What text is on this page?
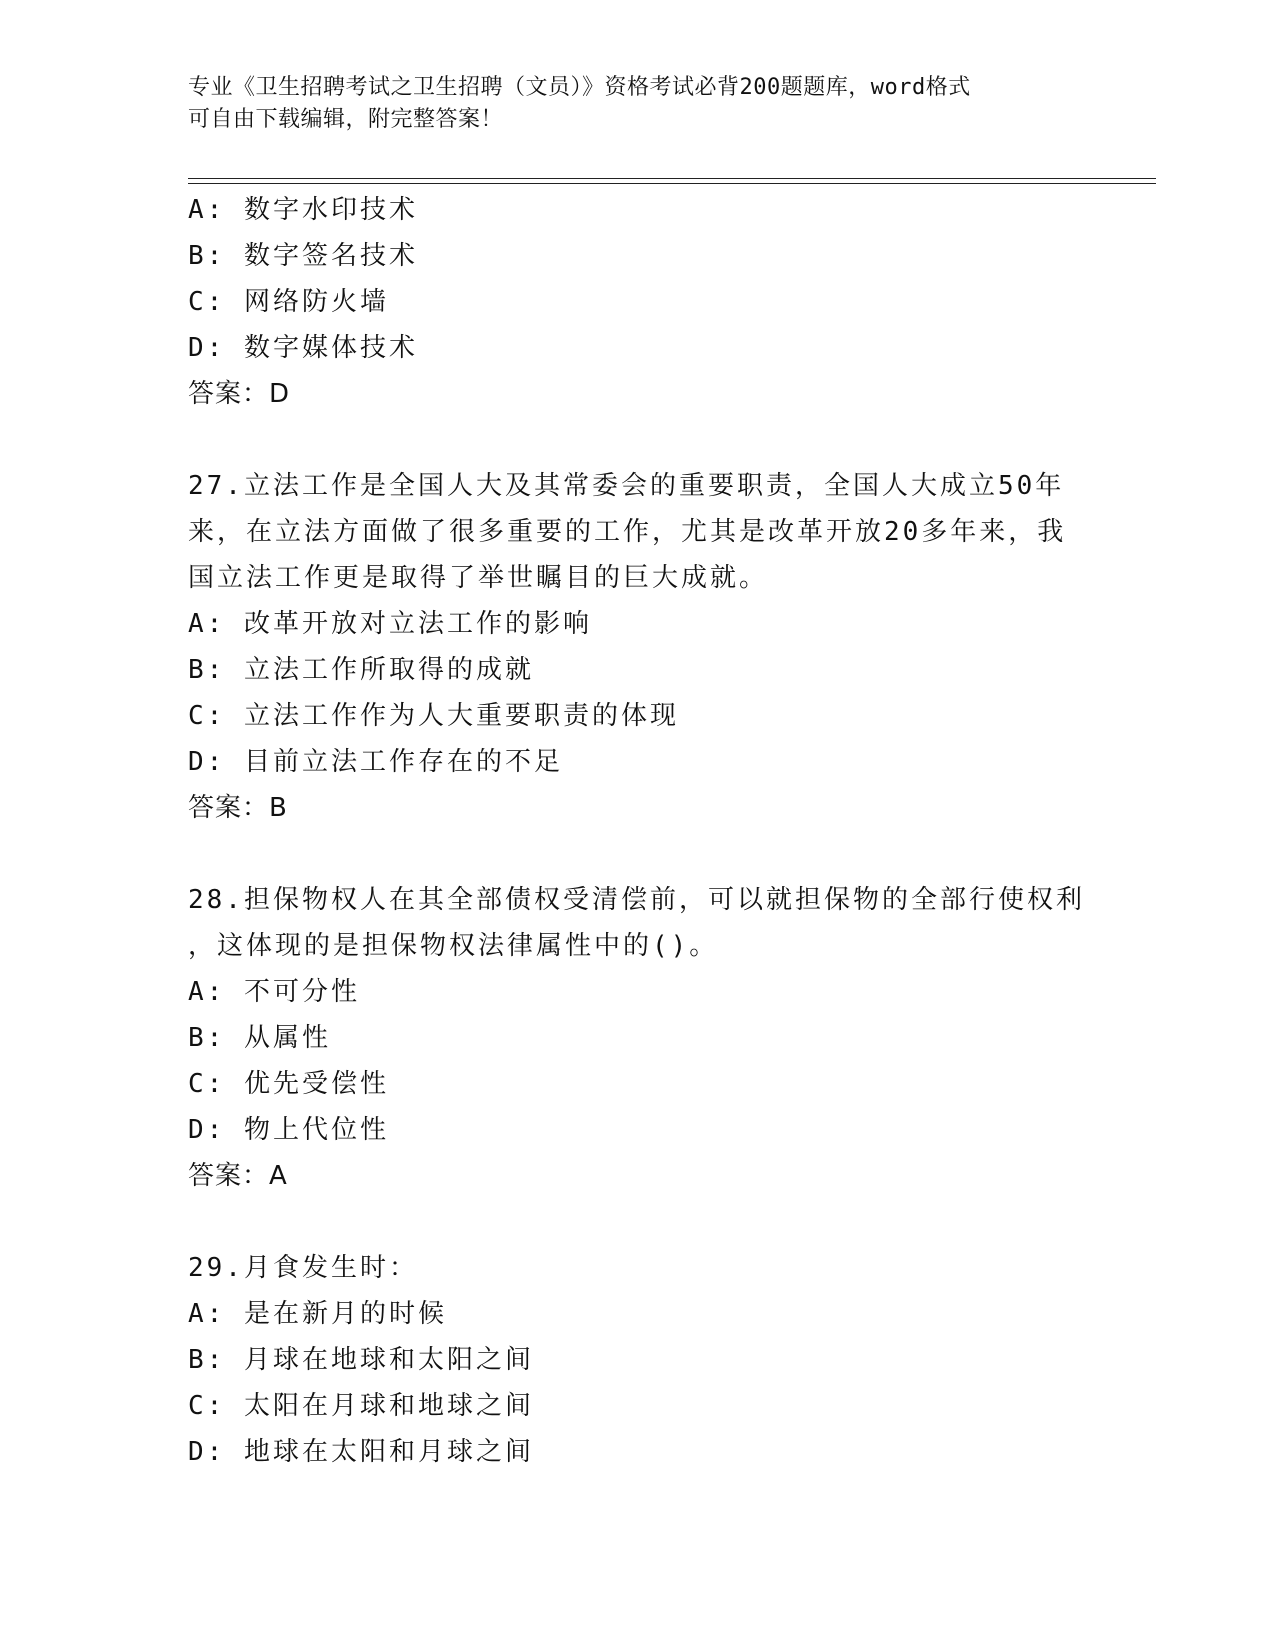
专业《卫生招聘考试之卫生招聘（文员）》资格考试必背200题题库，word格式
可自由下载编辑，附完整答案！
A: 数字水印技术
B: 数字签名技术
C: 网络防火墙
D: 数字媒体技术
答案：D
27.立法工作是全国人大及其常委会的重要职责，全国人大成立50年
来，在立法方面做了很多重要的工作，尤其是改革开放20多年来，我
国立法工作更是取得了举世瞩目的巨大成就。
A: 改革开放对立法工作的影响
B: 立法工作所取得的成就
C: 立法工作作为人大重要职责的体现
D: 目前立法工作存在的不足
答案：B
28.担保物权人在其全部债权受清偿前，可以就担保物的全部行使权利
，这体现的是担保物权法律属性中的()。
A: 不可分性
B: 从属性
C: 优先受偿性
D: 物上代位性
答案：A
29.月食发生时：
A: 是在新月的时候
B: 月球在地球和太阳之间
C: 太阳在月球和地球之间
D: 地球在太阳和月球之间
